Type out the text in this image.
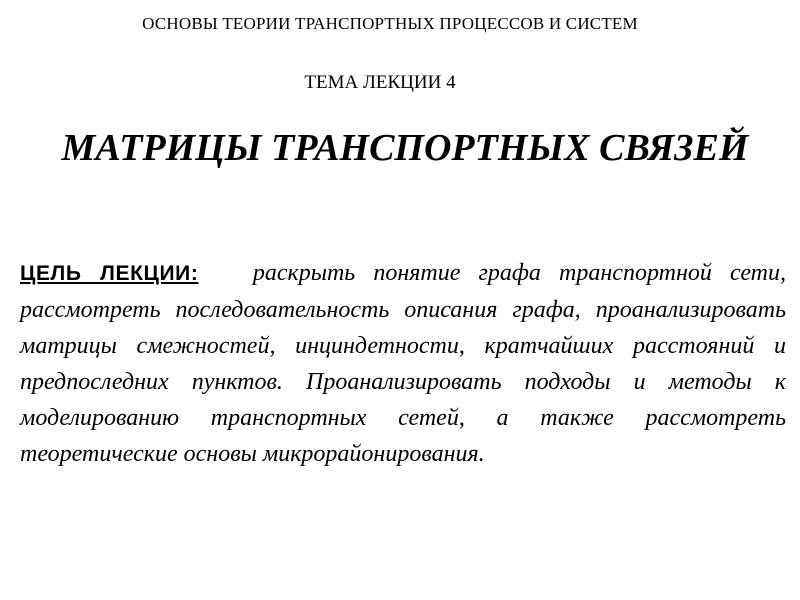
ОСНОВЫ ТЕОРИИ ТРАНСПОРТНЫХ ПРОЦЕССОВ И СИСТЕМ
ТЕМА ЛЕКЦИИ 4
МАТРИЦЫ ТРАНСПОРТНЫХ СВЯЗЕЙ
ЦЕЛЬ ЛЕКЦИИ: раскрыть понятие графа транспортной сети, рассмотреть последовательность описания графа, проанализировать матрицы смежностей, инциндетности, кратчайших расстояний и предпоследних пунктов. Проанализировать подходы и методы к моделированию транспортных сетей, а также рассмотреть теоретические основы микрорайонирования.
